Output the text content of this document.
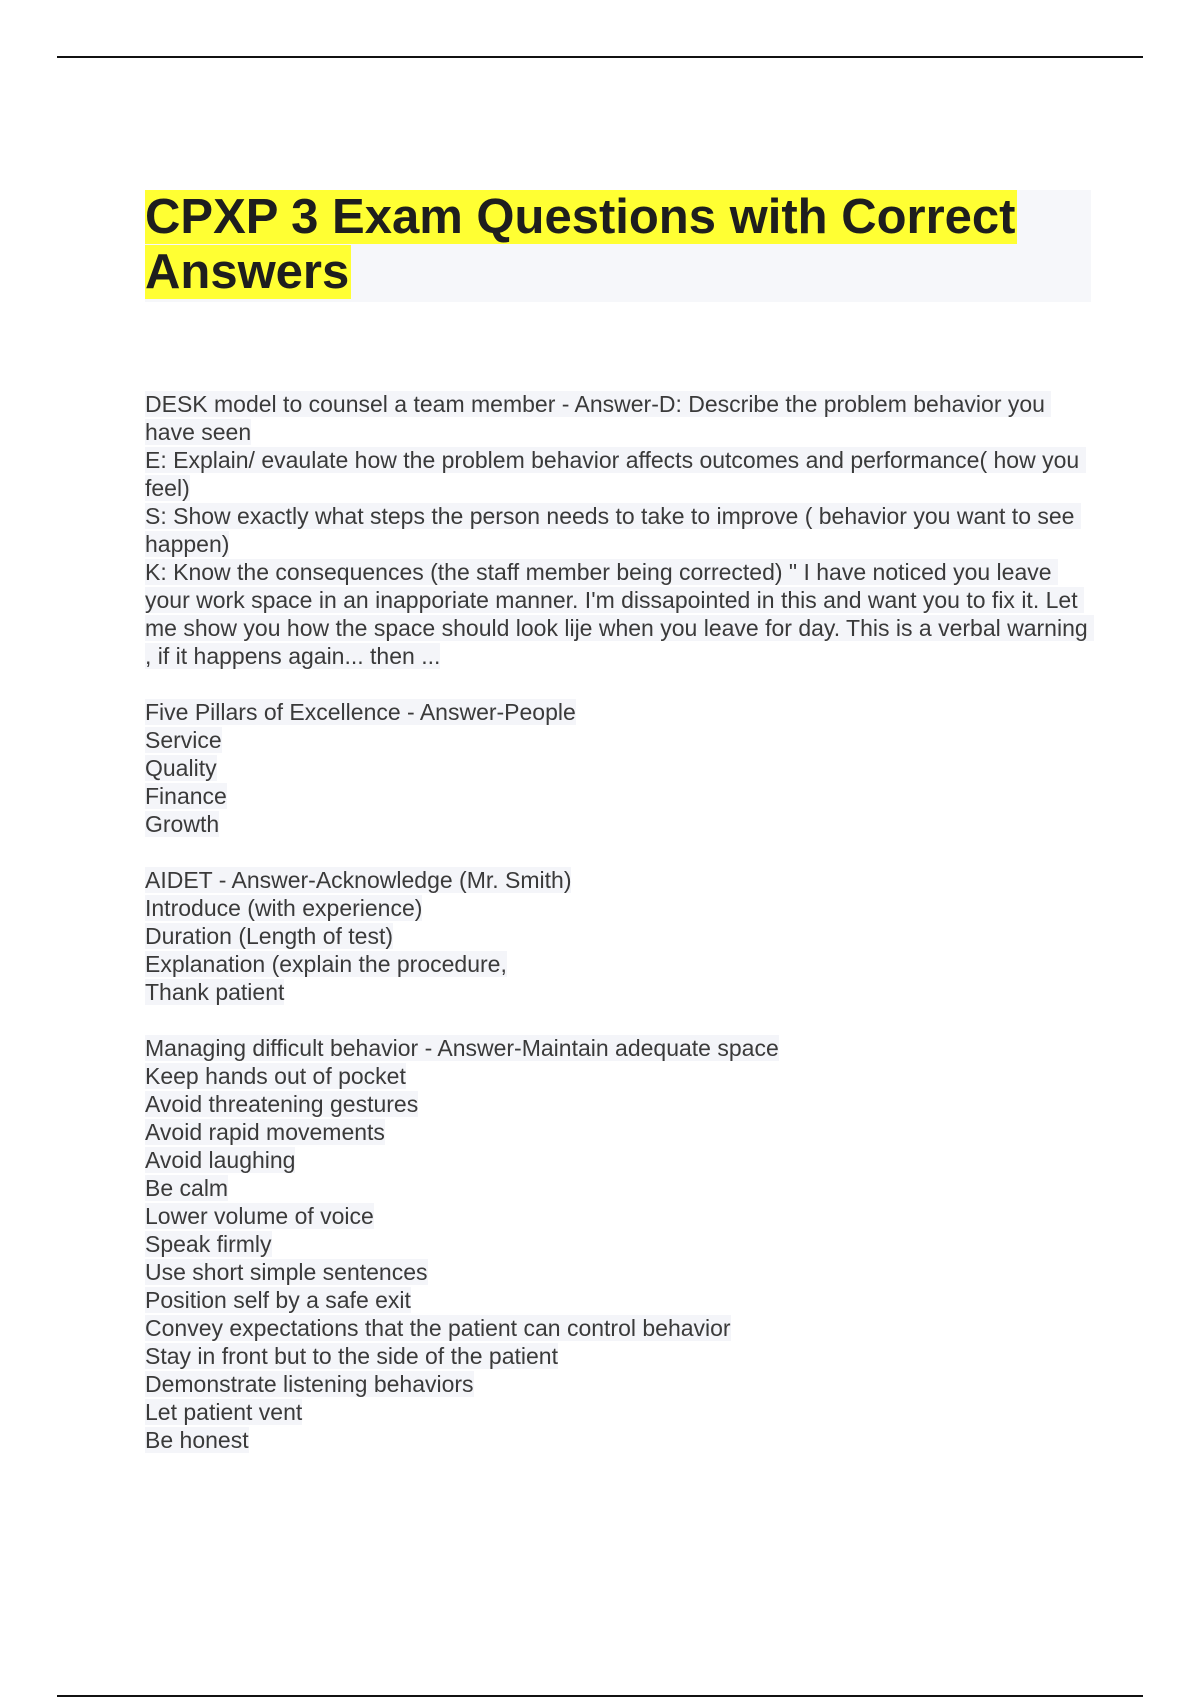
CPXP 3 Exam Questions with Correct Answers
DESK model to counsel a team member - Answer-D: Describe the problem behavior you have seen
E: Explain/ evaulate how the problem behavior affects outcomes and performance( how you feel)
S: Show exactly what steps the person needs to take to improve ( behavior you want to see happen)
K: Know the consequences (the staff member being corrected) " I have noticed you leave your work space in an inapporiate manner. I'm dissapointed in this and want you to fix it. Let me show you how the space should look lije when you leave for day. This is a verbal warning , if it happens again... then ...
Five Pillars of Excellence - Answer-People
Service
Quality
Finance
Growth
AIDET - Answer-Acknowledge (Mr. Smith)
Introduce (with experience)
Duration (Length of test)
Explanation (explain the procedure,
Thank patient
Managing difficult behavior - Answer-Maintain adequate space
Keep hands out of pocket
Avoid threatening gestures
Avoid rapid movements
Avoid laughing
Be calm
Lower volume of voice
Speak firmly
Use short simple sentences
Position self by a safe exit
Convey expectations that the patient can control behavior
Stay in front but to the side of the patient
Demonstrate listening behaviors
Let patient vent
Be honest
